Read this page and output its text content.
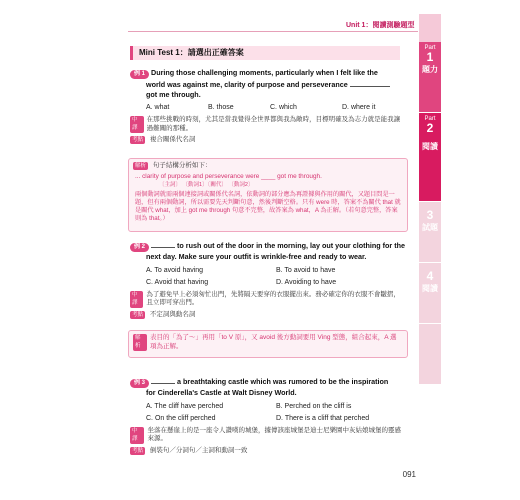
Unit 1：閱讀測驗題型
Part
1
題力
Part
2
閱讀
3
試題
4
閱讀
Mini Test 1：請選出正確答案
例 1 During those challenging moments, particularly when I felt like the
world was against me, clarity of purpose and perseverance
got me through.
A. what	B. those	C. which	D. where it
中譯
在那些挑戰的時刻，尤其是當我覺得全世界都與我為敵時，目標明確及為志力就是能我讓過難關的那種。
考點 複合關係代名詞
解析 句子結構分析如下：
... clarity of purpose and perseverance were ____ got me through.
〔主詞〕 〔動詞1〕〔關代〕 〔動詞2〕
兩個動詞就需兩個連接詞或關係代名詞，依動詞的部分應為再證據與作用的關代，又題目問是一題，但有兩個動詞，所以需要先天判斷句意，然後判斷空格。只有 were 時，答案不為關代 that 就是關代 what，加上 got me through 句意不完整，故答案為 what，A 為正解。（若句意完整，答案則為 that。）
例 2	to rush out of the door in the morning, lay out your clothing for the
next day. Make sure your outfit is wrinkle-free and ready to wear.
A. To avoid having	B. To avoid to have
C. Avoid that having	D. Avoiding to have
中譯
為了避免早上必須匆忙出門，先將隔天要穿的衣服擺出來。務必確定你的衣服不會皺摺，且立即可穿出門。
考點 不定詞與動名詞
解析
表目的「為了～」再用「to V 原」，又 avoid 後方動詞要用 Ving 型態，組合起來，A 選項為正解。
例 3	a breathtaking castle which was rumored to be the inspiration
for Cinderella's Castle at Walt Disney World.
A. The cliff have perched	B. Perched on the cliff is
C. On the cliff perched	D. There is a cliff that perched
中譯
坐落在懸崖上的是一座令人讚嘆的城堡，據傳該座城堡是迪士尼樂園中灰姑娘城堡的靈感來源。
考點 倒裝句／分詞句／主詞和動詞一致
091
